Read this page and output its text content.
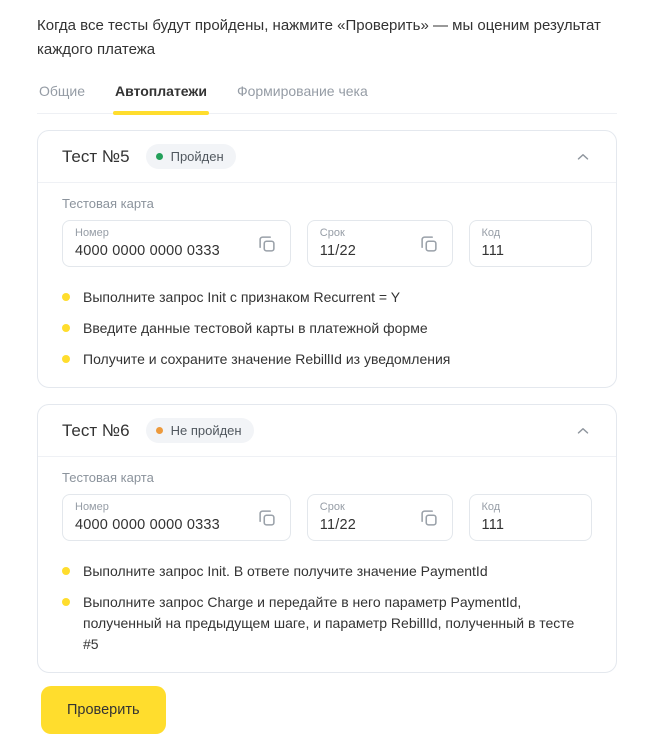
Когда все тесты будут пройдены, нажмите «Проверить» — мы оценим результат каждого платежа

Общие Автоплатежи Формирование чека
Тест №5	Пройден
Тестовая карта
Номер
4000 0000 0000 0333
Срок
11/22
Код
111
Выполните запрос Init с признаком Recurrent = Y
Введите данные тестовой карты в платежной форме
Получите и сохраните значение RebillId из уведомления
Тест №6	Не пройден
Тестовая карта
Номер
4000 0000 0000 0333
Срок
11/22
Код
111
Выполните запрос Init. В ответе получите значение PaymentId
Выполните запрос Charge и передайте в него параметр PaymentId, полученный на предыдущем шаге, и параметр RebillId, полученный в тесте #5
Проверить
